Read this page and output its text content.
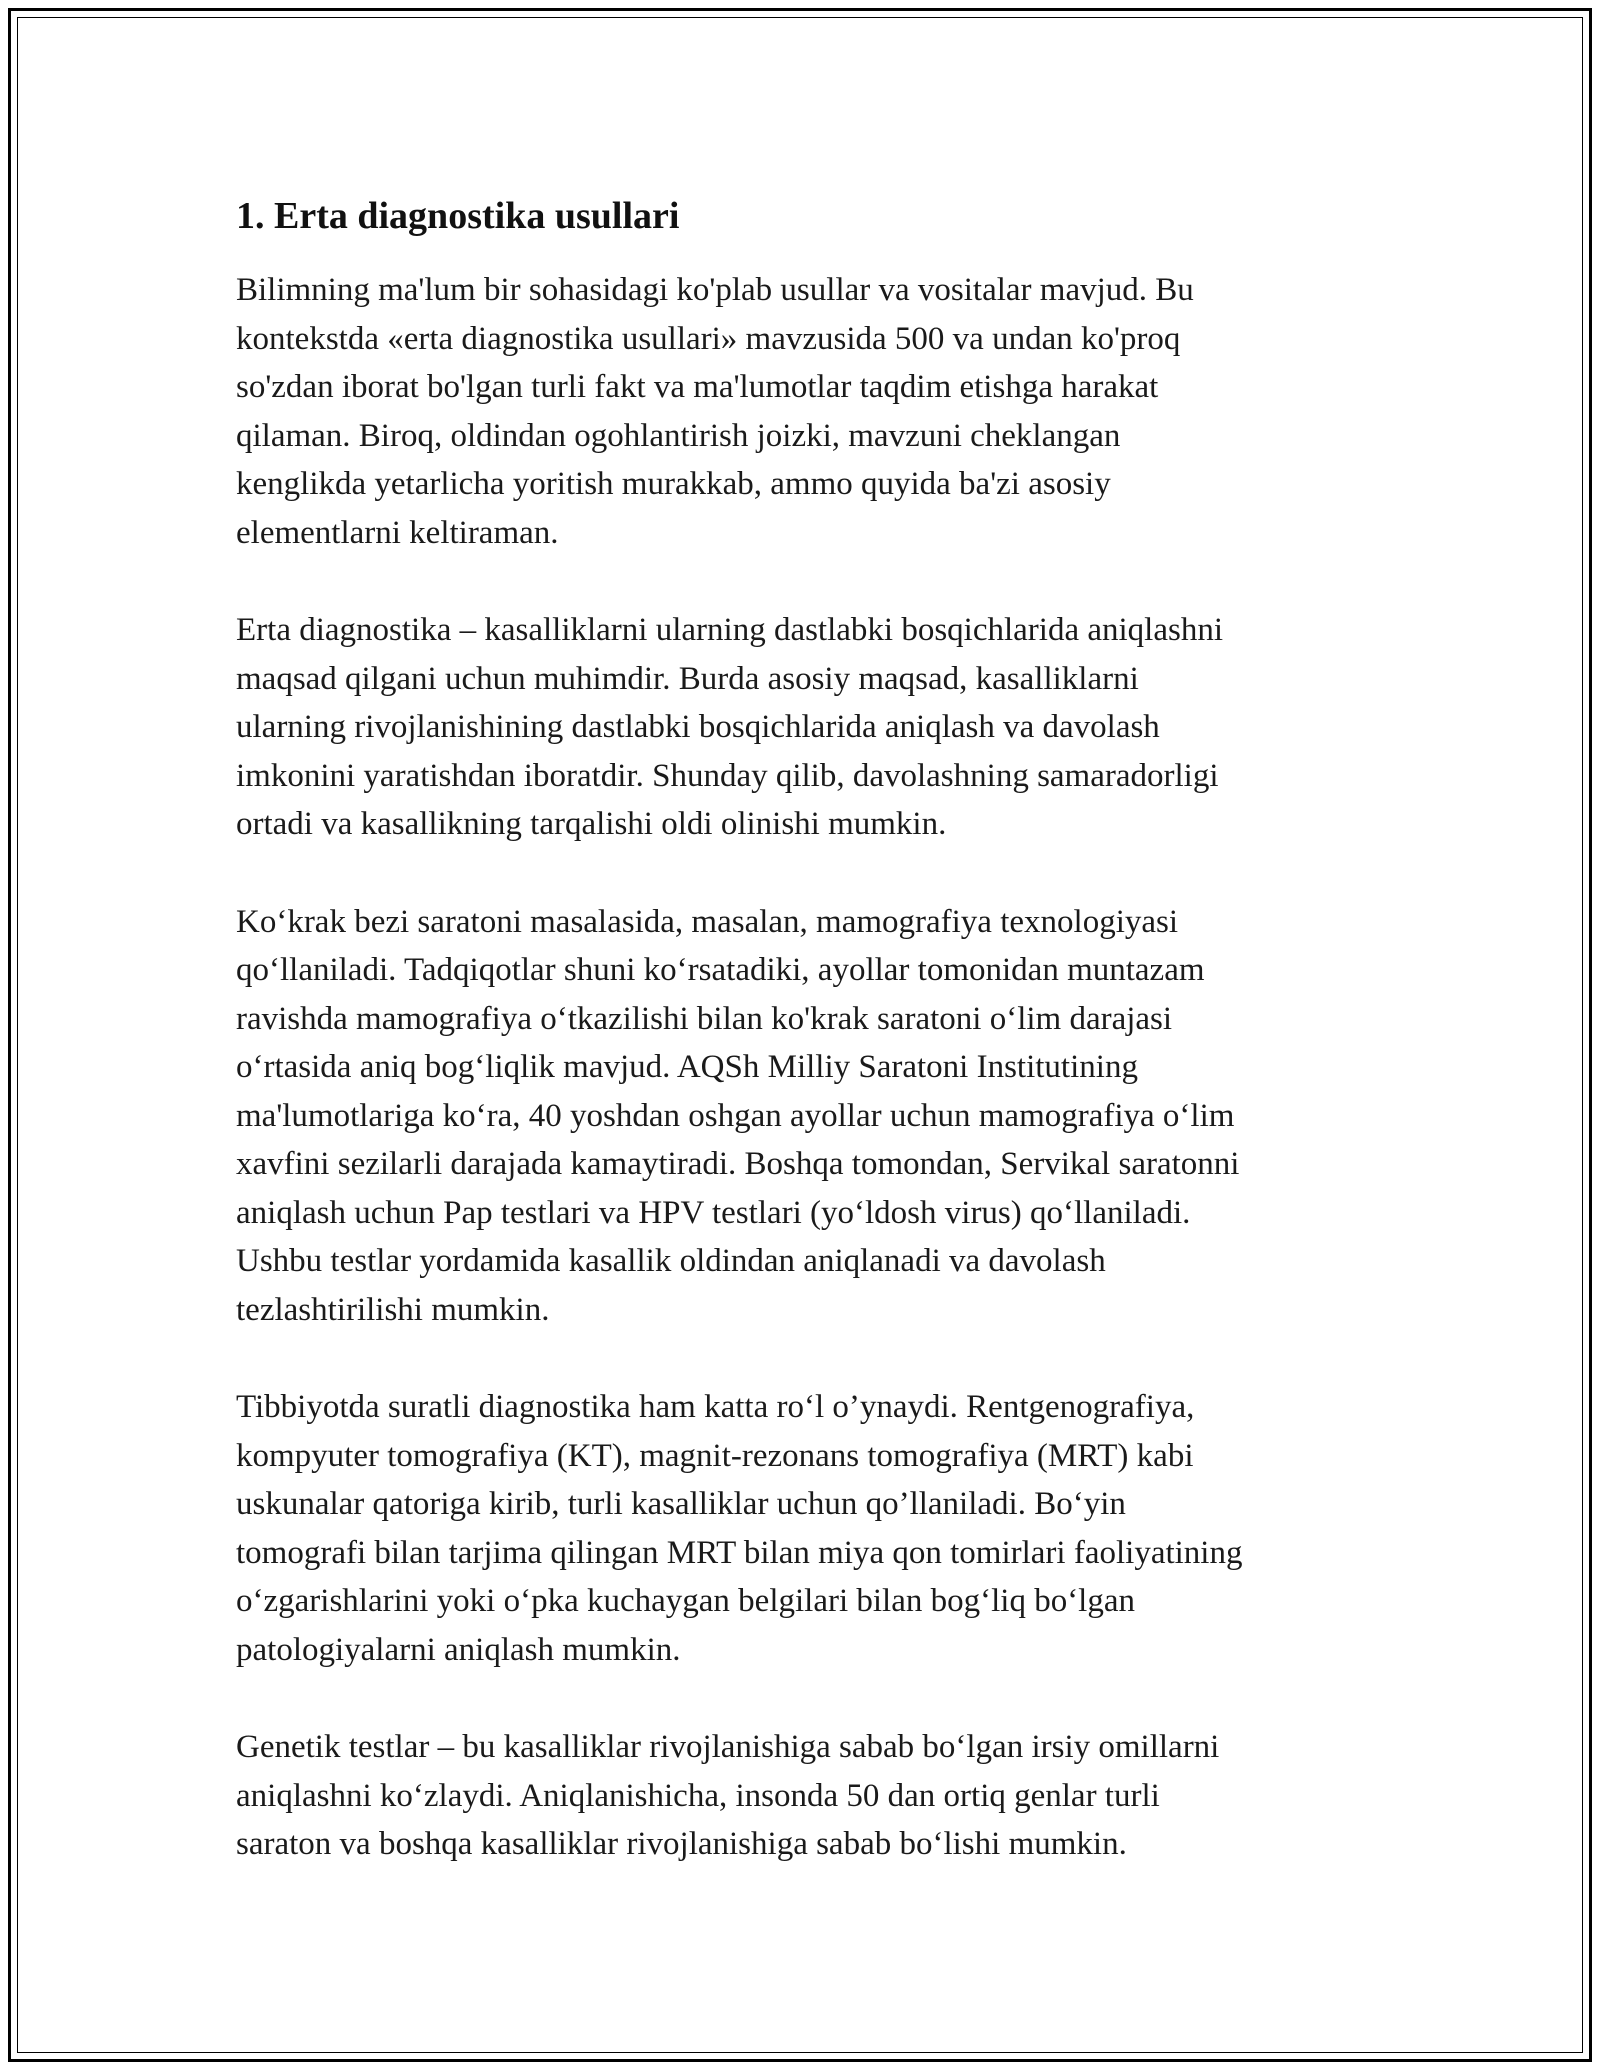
1. Erta diagnostika usullari

Bilimning ma'lum bir sohasidagi ko'plab usullar va vositalar mavjud. Bu
kontekstda «erta diagnostika usullari» mavzusida 500 va undan ko'proq
so'zdan iborat bo'lgan turli fakt va ma'lumotlar taqdim etishga harakat
qilaman. Biroq, oldindan ogohlantirish joizki, mavzuni cheklangan
kenglikda yetarlicha yoritish murakkab, ammo quyida ba'zi asosiy
elementlarni keltiraman.

Erta diagnostika – kasalliklarni ularning dastlabki bosqichlarida aniqlashni
maqsad qilgani uchun muhimdir. Burda asosiy maqsad, kasalliklarni
ularning rivojlanishining dastlabki bosqichlarida aniqlash va davolash
imkonini yaratishdan iboratdir. Shunday qilib, davolashning samaradorligi
ortadi va kasallikning tarqalishi oldi olinishi mumkin.

Ko‘krak bezi saratoni masalasida, masalan, mamografiya texnologiyasi
qo‘llaniladi. Tadqiqotlar shuni ko‘rsatadiki, ayollar tomonidan muntazam
ravishda mamografiya o‘tkazilishi bilan ko'krak saratoni o‘lim darajasi
o‘rtasida aniq bog‘liqlik mavjud. AQSh Milliy Saratoni Institutining
ma'lumotlariga ko‘ra, 40 yoshdan oshgan ayollar uchun mamografiya o‘lim
xavfini sezilarli darajada kamaytiradi. Boshqa tomondan, Servikal saratonni
aniqlash uchun Pap testlari va HPV testlari (yo‘ldosh virus) qo‘llaniladi.
Ushbu testlar yordamida kasallik oldindan aniqlanadi va davolash
tezlashtirilishi mumkin.

Tibbiyotda suratli diagnostika ham katta ro‘l o’ynaydi. Rentgenografiya,
kompyuter tomografiya (KT), magnit-rezonans tomografiya (MRT) kabi
uskunalar qatoriga kirib, turli kasalliklar uchun qo’llaniladi. Bo‘yin
tomografi bilan tarjima qilingan MRT bilan miya qon tomirlari faoliyatining
o‘zgarishlarini yoki o‘pka kuchaygan belgilari bilan bog‘liq bo‘lgan
patologiyalarni aniqlash mumkin.

Genetik testlar – bu kasalliklar rivojlanishiga sabab bo‘lgan irsiy omillarni
aniqlashni ko‘zlaydi. Aniqlanishicha, insonda 50 dan ortiq genlar turli
saraton va boshqa kasalliklar rivojlanishiga sabab bo‘lishi mumkin.
